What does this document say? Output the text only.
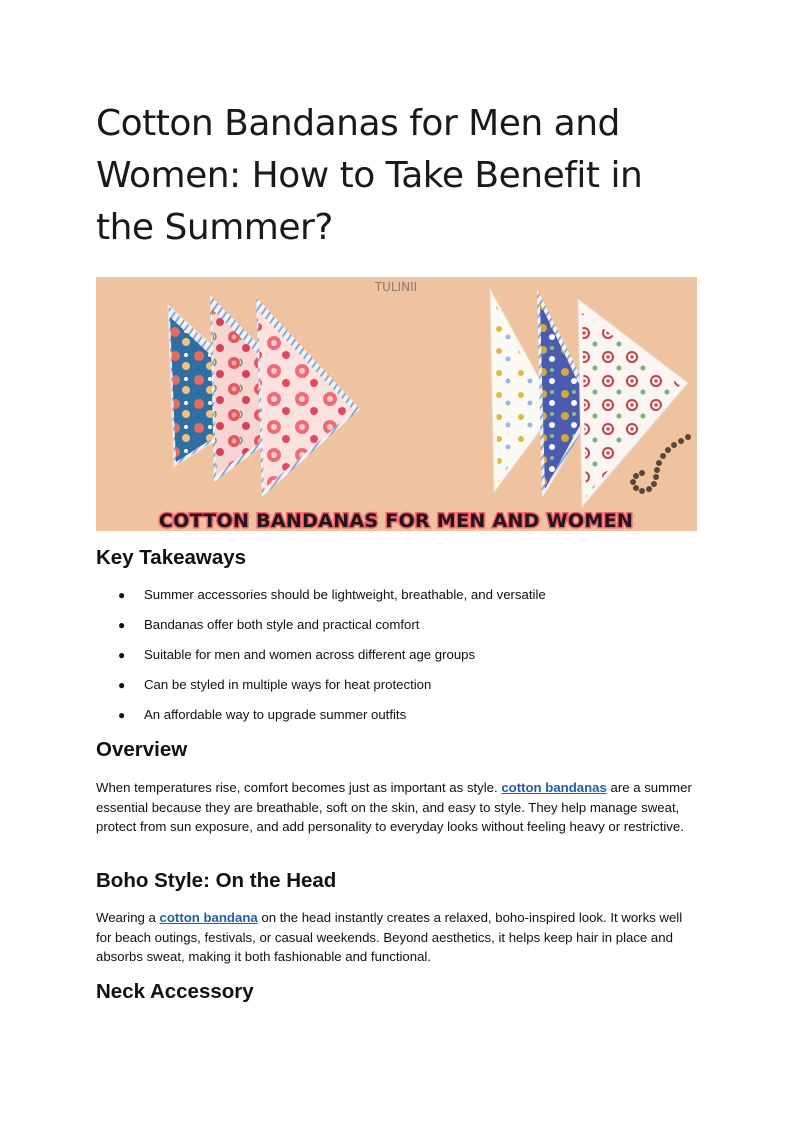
Cotton Bandanas for Men and Women: How to Take Benefit in the Summer?
TULINII
COTTON BANDANAS FOR MEN AND WOMEN
Key Takeaways
● Summer accessories should be lightweight, breathable, and versatile
● Bandanas offer both style and practical comfort
● Suitable for men and women across different age groups
● Can be styled in multiple ways for heat protection
● An affordable way to upgrade summer outfits
Overview

When temperatures rise, comfort becomes just as important as style. cotton bandanas are a summer essential because they are breathable, soft on the skin, and easy to style. They help manage sweat, protect from sun exposure, and add personality to everyday looks without feeling heavy or restrictive.

Boho Style: On the Head

Wearing a cotton bandana on the head instantly creates a relaxed, boho-inspired look. It works well for beach outings, festivals, or casual weekends. Beyond aesthetics, it helps keep hair in place and absorbs sweat, making it both fashionable and functional.

Neck Accessory
